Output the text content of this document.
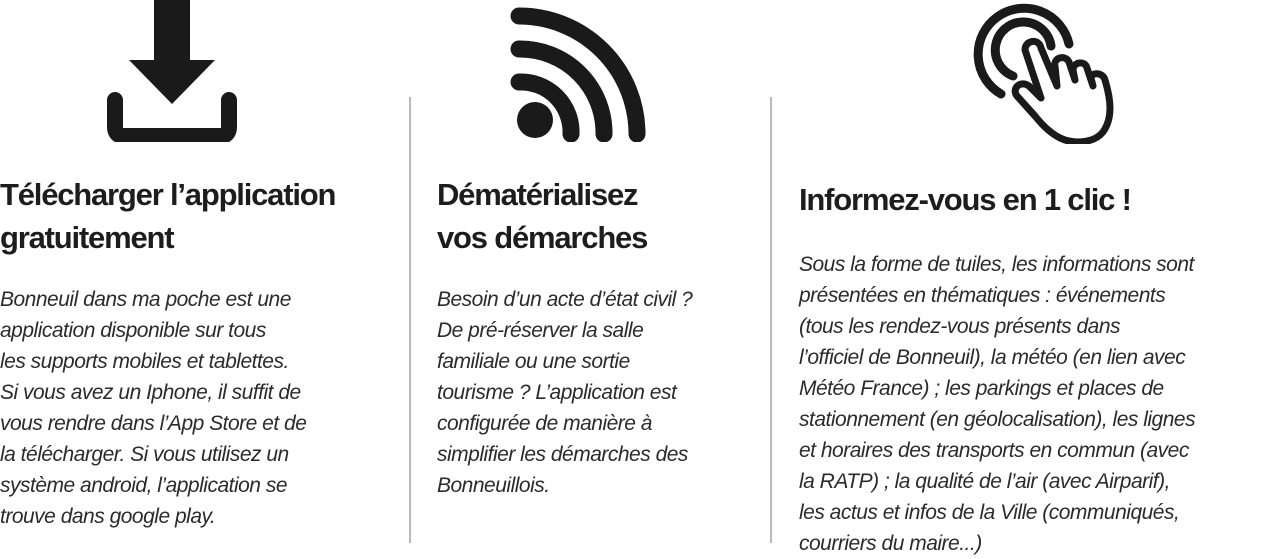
Télécharger l’application
gratuitement

Bonneuil dans ma poche est une
application disponible sur tous
les supports mobiles et tablettes.
Si vous avez un Iphone, il suffit de
vous rendre dans l’App Store et de
la télécharger. Si vous utilisez un
système android, l’application se
trouve dans google play.

Dématérialisez
vos démarches

Besoin d’un acte d’état civil ?
De pré-réserver la salle
familiale ou une sortie
tourisme ? L’application est
configurée de manière à
simplifier les démarches des
Bonneuillois.

Informez-vous en 1 clic !

Sous la forme de tuiles, les informations sont
présentées en thématiques : événements
(tous les rendez-vous présents dans
l’officiel de Bonneuil), la météo (en lien avec
Météo France) ; les parkings et places de
stationnement (en géolocalisation), les lignes
et horaires des transports en commun (avec
la RATP) ; la qualité de l’air (avec Airparif),
les actus et infos de la Ville (communiqués,
courriers du maire...)
